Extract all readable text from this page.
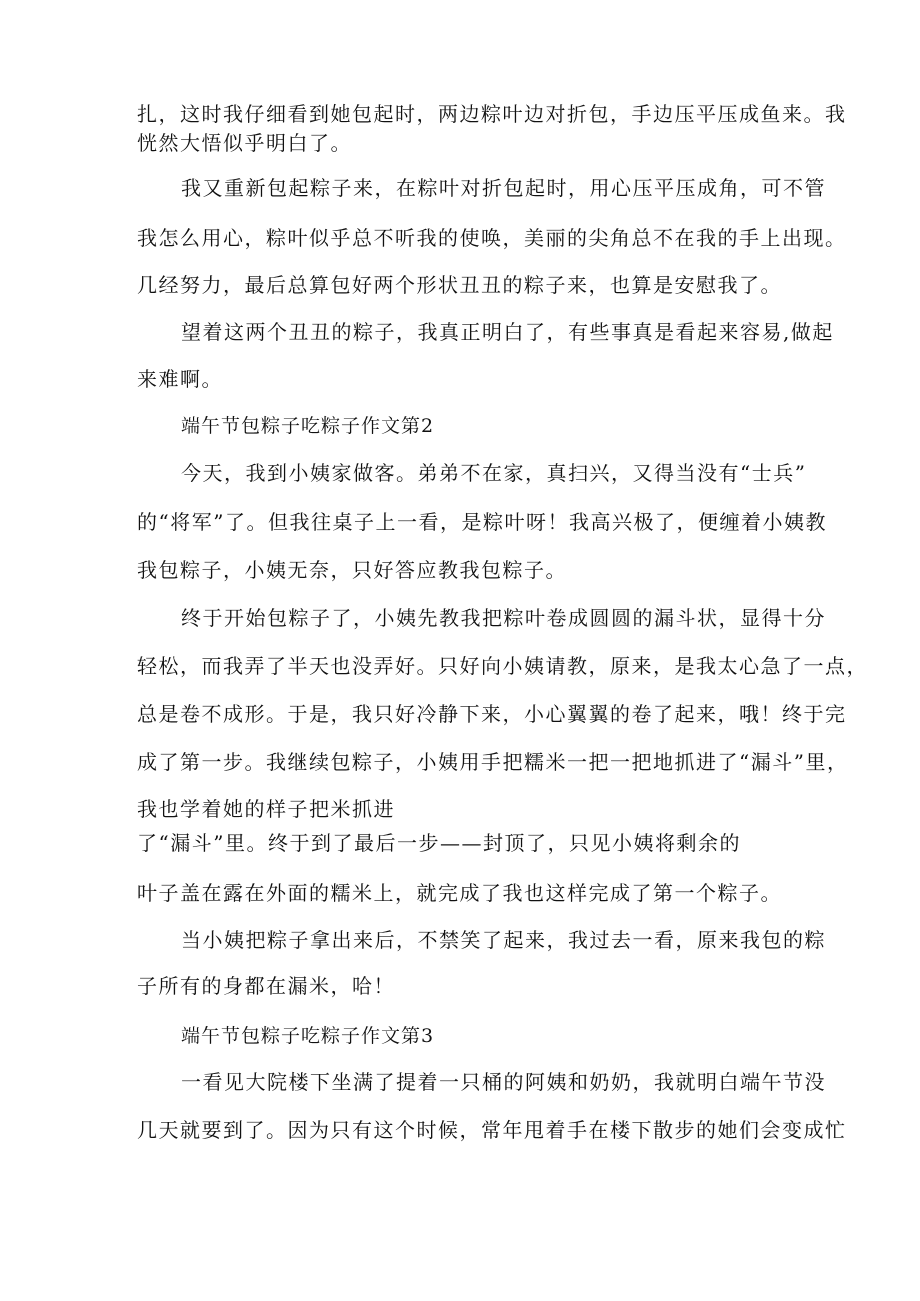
扎，这时我仔细看到她包起时，两边粽叶边对折包，手边压平压成鱼来。我
恍然大悟似乎明白了。
我又重新包起粽子来，在粽叶对折包起时，用心压平压成角，可不管
我怎么用心，粽叶似乎总不听我的使唤，美丽的尖角总不在我的手上出现。
几经努力，最后总算包好两个形状丑丑的粽子来，也算是安慰我了。
望着这两个丑丑的粽子，我真正明白了，有些事真是看起来容易,做起
来难啊。
端午节包粽子吃粽子作文第2
今天，我到小姨家做客。弟弟不在家，真扫兴，又得当没有“士兵”
的“将军”了。但我往桌子上一看，是粽叶呀！我高兴极了，便缠着小姨教
我包粽子，小姨无奈，只好答应教我包粽子。
终于开始包粽子了，小姨先教我把粽叶卷成圆圆的漏斗状，显得十分
轻松，而我弄了半天也没弄好。只好向小姨请教，原来，是我太心急了一点，
总是卷不成形。于是，我只好冷静下来，小心翼翼的卷了起来，哦！终于完
成了第一步。我继续包粽子，小姨用手把糯米一把一把地抓进了“漏斗”里，
我也学着她的样子把米抓进
了“漏斗”里。终于到了最后一步——封顶了，只见小姨将剩余的
叶子盖在露在外面的糯米上，就完成了我也这样完成了第一个粽子。
当小姨把粽子拿出来后，不禁笑了起来，我过去一看，原来我包的粽
子所有的身都在漏米，哈！
端午节包粽子吃粽子作文第3
一看见大院楼下坐满了提着一只桶的阿姨和奶奶，我就明白端午节没
几天就要到了。因为只有这个时候，常年甩着手在楼下散步的她们会变成忙
